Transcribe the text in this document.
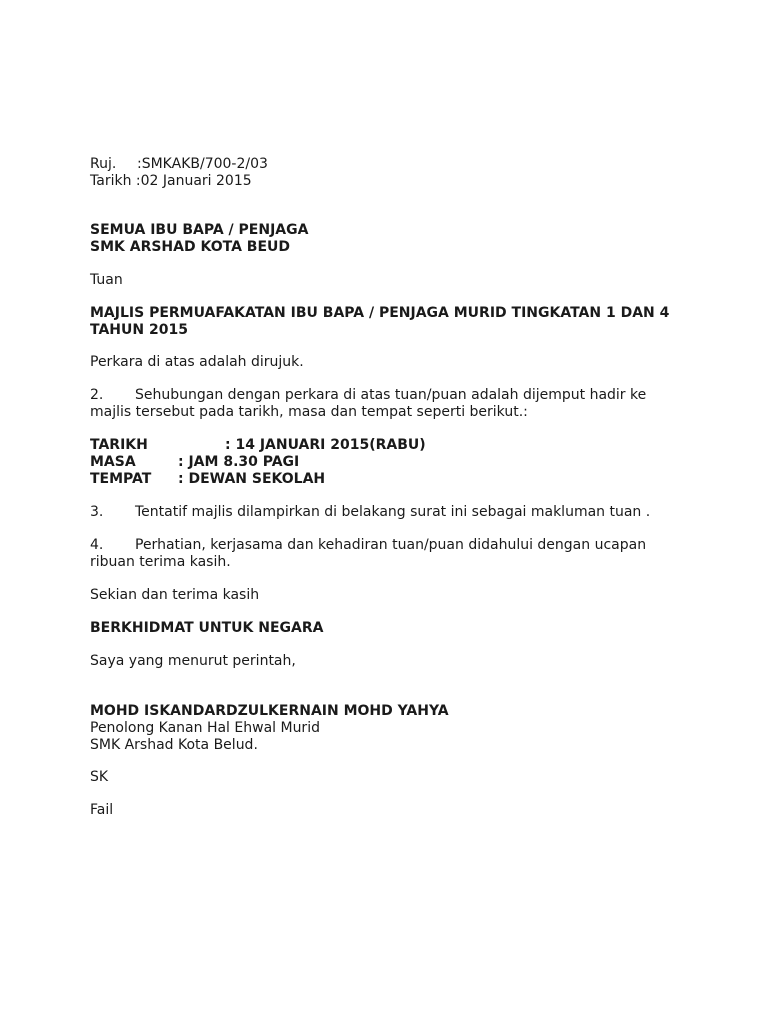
Ruj. :SMKAKB/700-2/03
Tarikh :02 Januari 2015
SEMUA IBU BAPA / PENJAGA
SMK ARSHAD KOTA BEUD
Tuan
MAJLIS PERMUAFAKATAN IBU BAPA / PENJAGA MURID TINGKATAN 1 DAN 4
TAHUN 2015
Perkara di atas adalah dirujuk.
2. Sehubungan dengan perkara di atas tuan/puan adalah dijemput hadir ke
majlis tersebut pada tarikh, masa dan tempat seperti berikut.:
TARIKH	: 14 JANUARI 2015(RABU)
MASA	: JAM 8.30 PAGI
TEMPAT : DEWAN SEKOLAH
3. Tentatif majlis dilampirkan di belakang surat ini sebagai makluman tuan .
4. Perhatian, kerjasama dan kehadiran tuan/puan didahului dengan ucapan
ribuan terima kasih.
Sekian dan terima kasih
BERKHIDMAT UNTUK NEGARA
Saya yang menurut perintah,
MOHD ISKANDARDZULKERNAIN MOHD YAHYA
Penolong Kanan Hal Ehwal Murid
SMK Arshad Kota Belud.
SK
Fail
